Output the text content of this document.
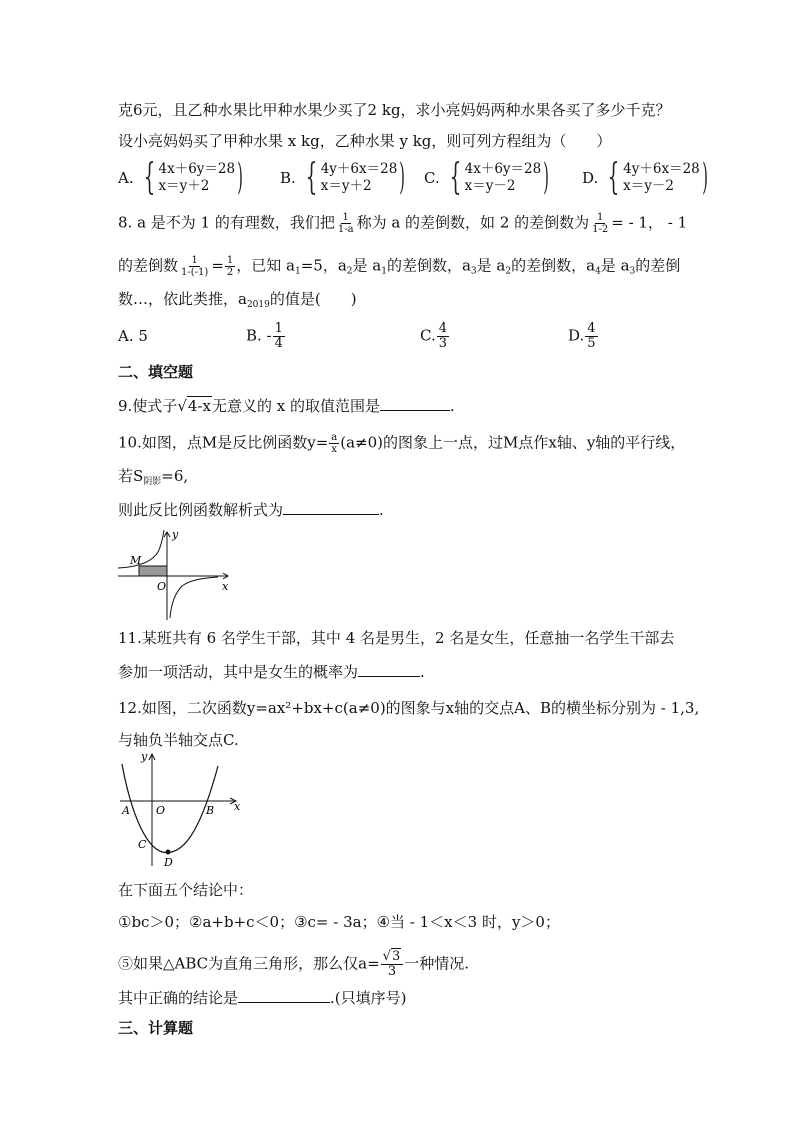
克6元，且乙种水果比甲种水果少买了2 kg，求小亮妈妈两种水果各买了多少千克？
设小亮妈妈买了甲种水果 x kg，乙种水果 y kg，则可列方程组为（　　）
A. { 4x＋6y＝28
x＝y＋2 ) B. { 4y＋6x＝28
x＝y＋2 ) C. { 4x＋6y＝28
x＝y－2 ) D. { 4y＋6x＝28
x＝y－2 )
8. a 是不为 1 的有理数，我们把 $\frac{1}{1-a}$ 称为 a 的差倒数，如 2 的差倒数为 $\frac{1}{1-2}$ = - 1， - 1
的差倒数 $\frac{1}{1-(-1)} = \frac{1}{2}$ ，已知 $a_1=5$，$a_2$是 $a_1$的差倒数，$a_3$是 $a_2$的差倒数，$a_4$是 $a_3$的差倒
数…，依此类推，$a_{2019}$的值是(　　)
A. 5	B. - $\frac{1}{4}$	C. $\frac{4}{3}$	D. $\frac{4}{5}$
二、填空题
9.使式子√4-x无意义的 x 的取值范围是	.
10.如图，点M是反比例函数$y= \frac{a}{x} (a\ne 0)$的图象上一点，过M点作x轴、y轴的平行线，
若$S_{阴影}=6$,
则此反比例函数解析式为	.
M
O	x
y
11.某班共有 6 名学生干部，其中 4 名是男生，2 名是女生，任意抽一名学生干部去
参加一项活动，其中是女生的概率为	.
12.如图，二次函数y=ax²+bx+c(a≠0)的图象与x轴的交点A、B的横坐标分别为 - 1,3,
与轴负半轴交点C.
y
x
A O	B
C
D
在下面五个结论中：
①bc＞0；②a+b+c＜0；③c= - 3a；④当 - 1＜x＜3 时，y＞0；
⑤如果△ABC为直角三角形，那么仅$a= \frac{√3}{3}$ 一种情况.
其中正确的结论是	.(只填序号)
三、计算题
